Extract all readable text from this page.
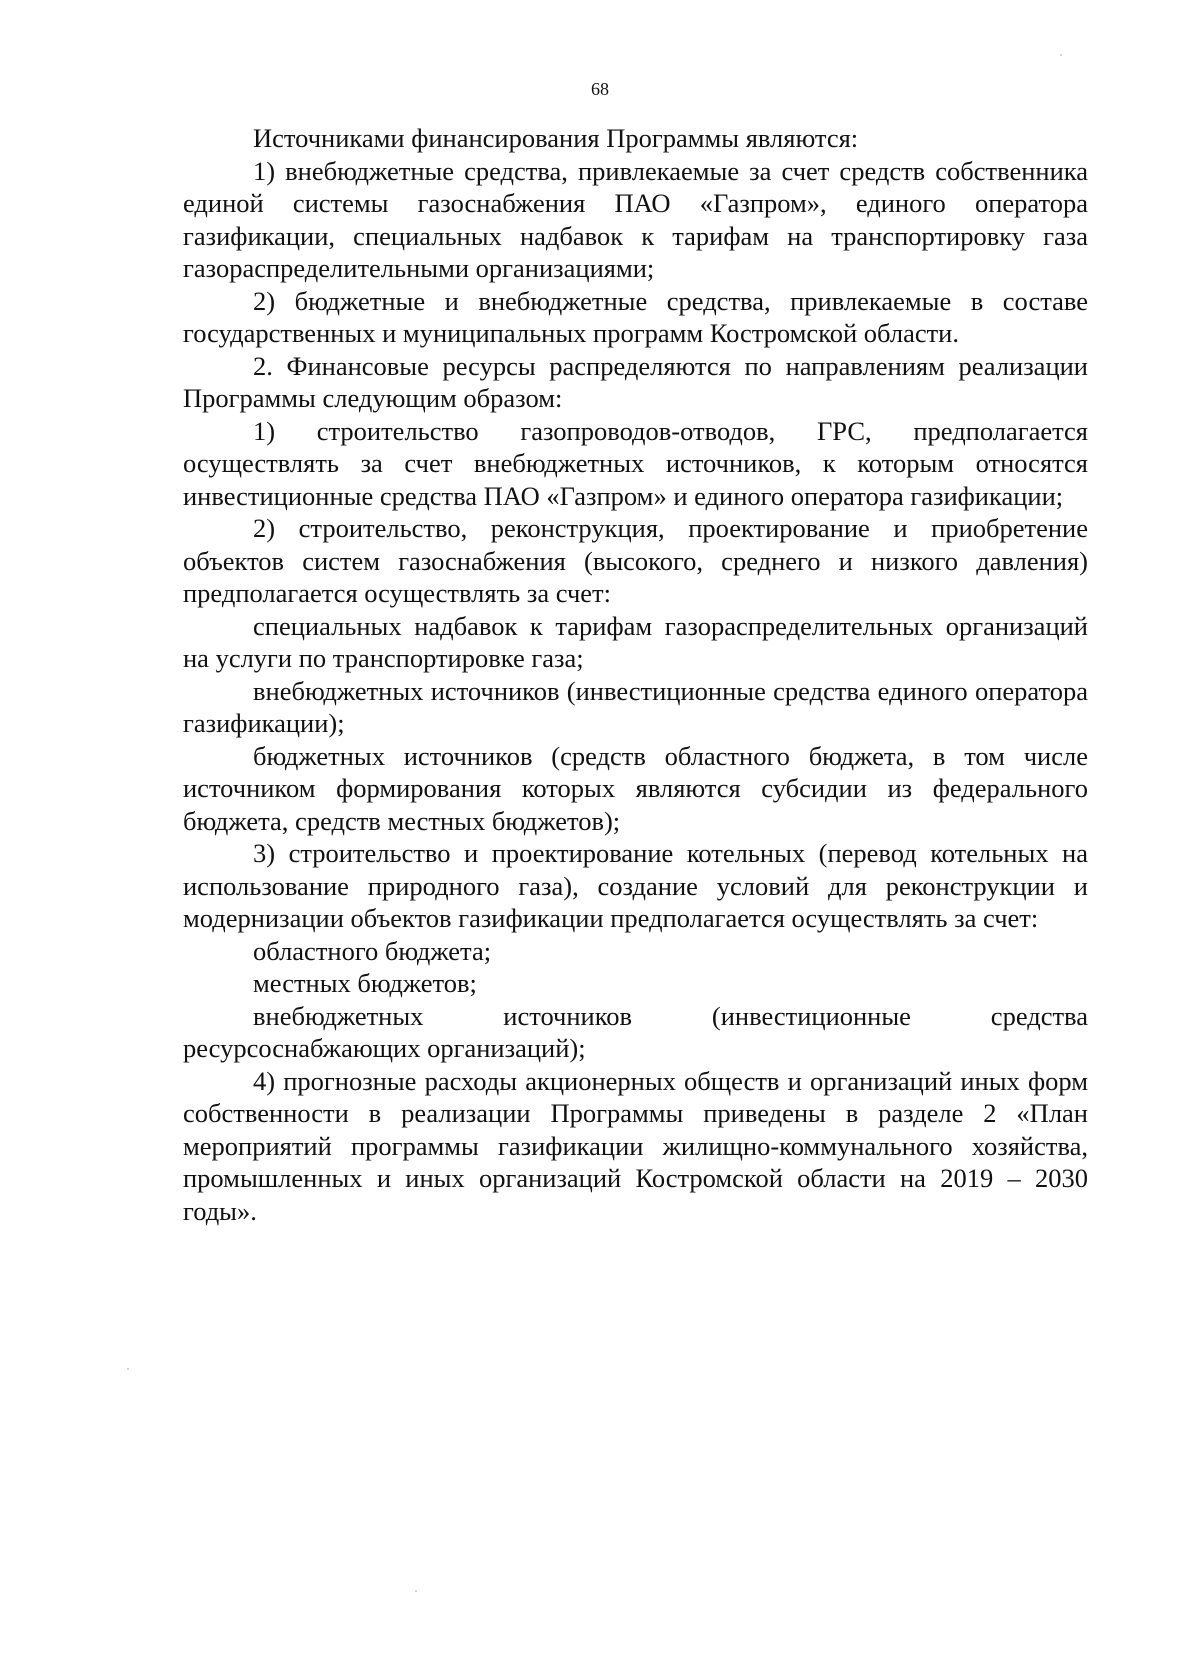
68

Источниками финансирования Программы являются:

1) внебюджетные средства, привлекаемые за счет средств собственника единой системы газоснабжения ПАО «Газпром», единого оператора газификации, специальных надбавок к тарифам на транспортировку газа газораспределительными организациями;

2) бюджетные и внебюджетные средства, привлекаемые в составе государственных и муниципальных программ Костромской области.

2. Финансовые ресурсы распределяются по направлениям реализации Программы следующим образом:

1) строительство газопроводов-отводов, ГРС, предполагается осуществлять за счет внебюджетных источников, к которым относятся инвестиционные средства ПАО «Газпром» и единого оператора газификации;

2) строительство, реконструкция, проектирование и приобретение объектов систем газоснабжения (высокого, среднего и низкого давления) предполагается осуществлять за счет:

специальных надбавок к тарифам газораспределительных организаций на услуги по транспортировке газа;

внебюджетных источников (инвестиционные средства единого оператора газификации);

бюджетных источников (средств областного бюджета, в том числе источником формирования которых являются субсидии из федерального бюджета, средств местных бюджетов);

3) строительство и проектирование котельных (перевод котельных на использование природного газа), создание условий для реконструкции и модернизации объектов газификации предполагается осуществлять за счет:

областного бюджета;

местных бюджетов;

внебюджетных источников (инвестиционные средства ресурсоснабжающих организаций);

4) прогнозные расходы акционерных обществ и организаций иных форм собственности в реализации Программы приведены в разделе 2 «План мероприятий программы газификации жилищно-коммунального хозяйства, промышленных и иных организаций Костромской области на 2019 – 2030 годы».
